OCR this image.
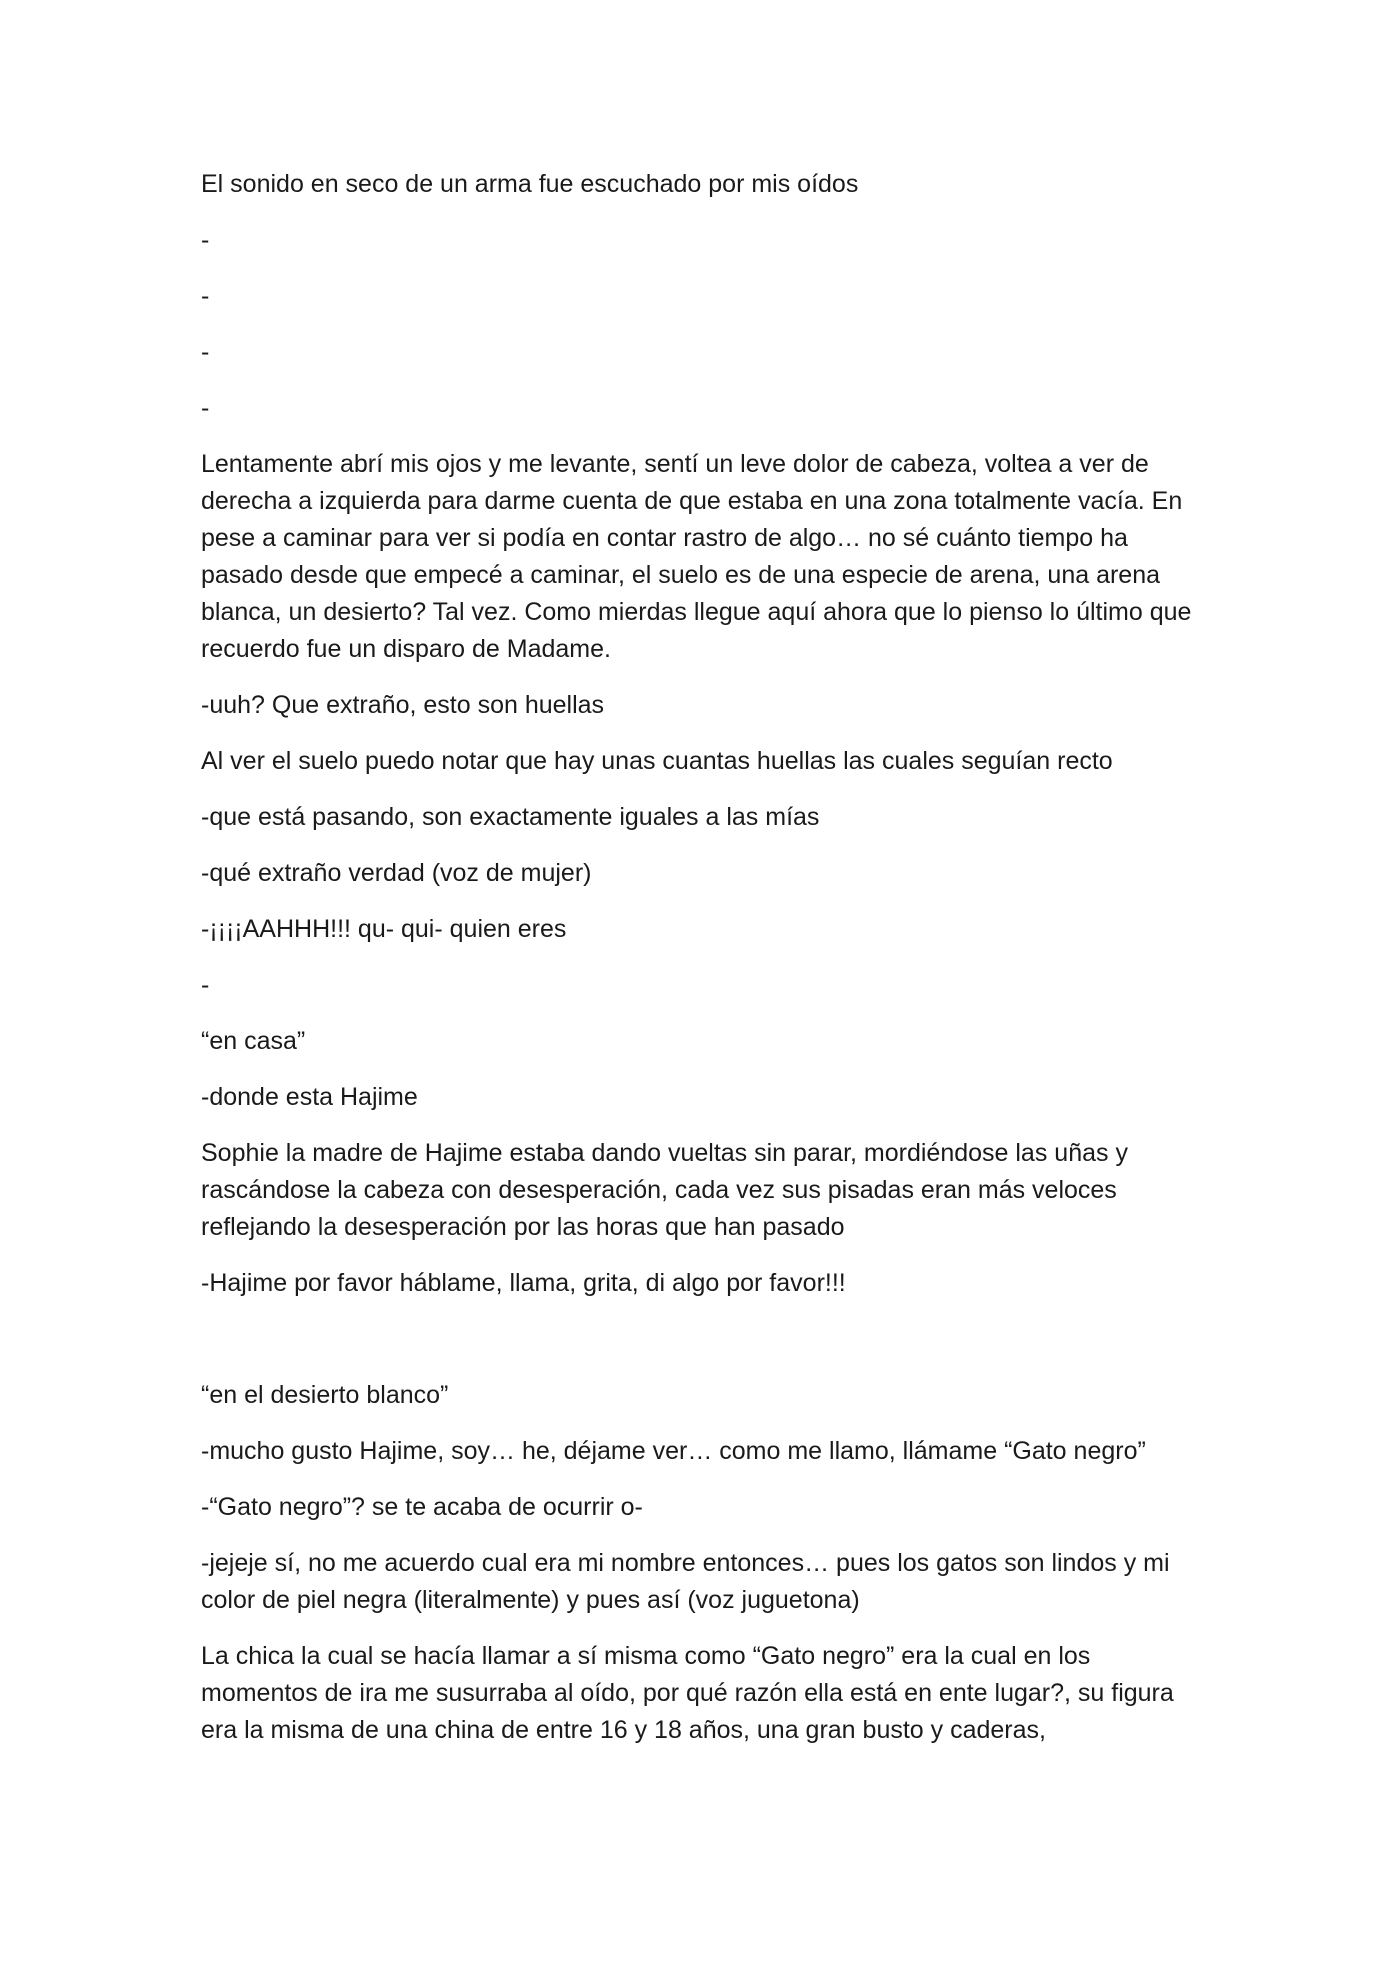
El sonido en seco de un arma fue escuchado por mis oídos

-

-

-

-

Lentamente abrí mis ojos y me levante, sentí un leve dolor de cabeza, voltea a ver de derecha a izquierda para darme cuenta de que estaba en una zona totalmente vacía. En pese a caminar para ver si podía en contar rastro de algo… no sé cuánto tiempo ha pasado desde que empecé a caminar, el suelo es de una especie de arena, una arena blanca, un desierto? Tal vez. Como mierdas llegue aquí ahora que lo pienso lo último que recuerdo fue un disparo de Madame.

-uuh? Que extraño, esto son huellas

Al ver el suelo puedo notar que hay unas cuantas huellas las cuales seguían recto

-que está pasando, son exactamente iguales a las mías

-qué extraño verdad (voz de mujer)

-¡¡¡¡AAHHH!!! qu- qui- quien eres

-

“en casa”

-donde esta Hajime

Sophie la madre de Hajime estaba dando vueltas sin parar, mordiéndose las uñas y rascándose la cabeza con desesperación, cada vez sus pisadas eran más veloces reflejando la desesperación por las horas que han pasado

-Hajime por favor háblame, llama, grita, di algo por favor!!!

“en el desierto blanco”

-mucho gusto Hajime, soy… he, déjame ver… como me llamo, llámame “Gato negro”

-“Gato negro”? se te acaba de ocurrir o-

-jejeje sí, no me acuerdo cual era mi nombre entonces… pues los gatos son lindos y mi color de piel negra (literalmente) y pues así (voz juguetona)

La chica la cual se hacía llamar a sí misma como “Gato negro” era la cual en los momentos de ira me susurraba al oído, por qué razón ella está en ente lugar?, su figura era la misma de una china de entre 16 y 18 años, una gran busto y caderas,
